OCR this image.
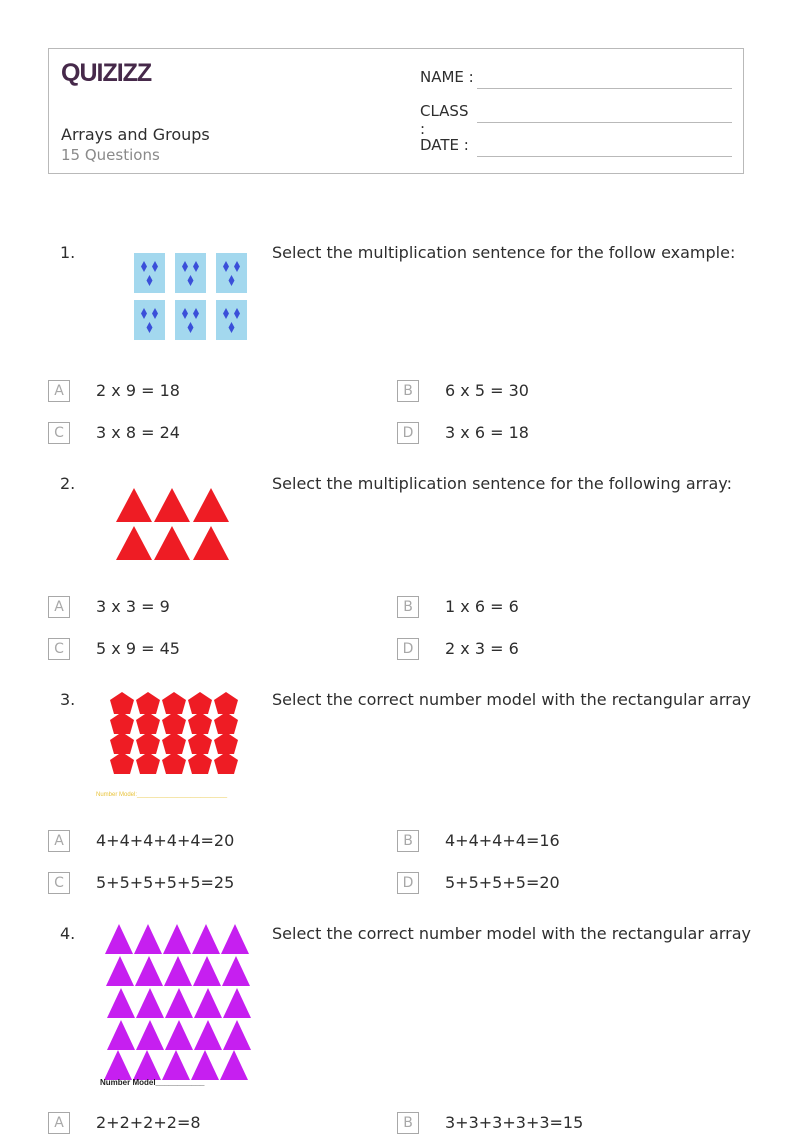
QUIZIZZ
Arrays and Groups
15 Questions
NAME :
CLASS :
DATE :
1.	Select the multiplication sentence for the follow example:
A	2 x 9 = 18	B	6 x 5 = 30
C	3 x 8 = 24	D	3 x 6 = 18
2.	Select the multiplication sentence for the following array:
A	3 x 3 = 9	B	1 x 6 = 6
C	5 x 9 = 45	D	2 x 3 = 6
3.
Number Model:___________________________
Select the correct number model with the rectangular array
A	4+4+4+4+4=20	B	4+4+4+4=16
C	5+5+5+5+5=25	D	5+5+5+5=20
4.
Number Model___________
Select the correct number model with the rectangular array
A	2+2+2+2=8	B	3+3+3+3+3=15
